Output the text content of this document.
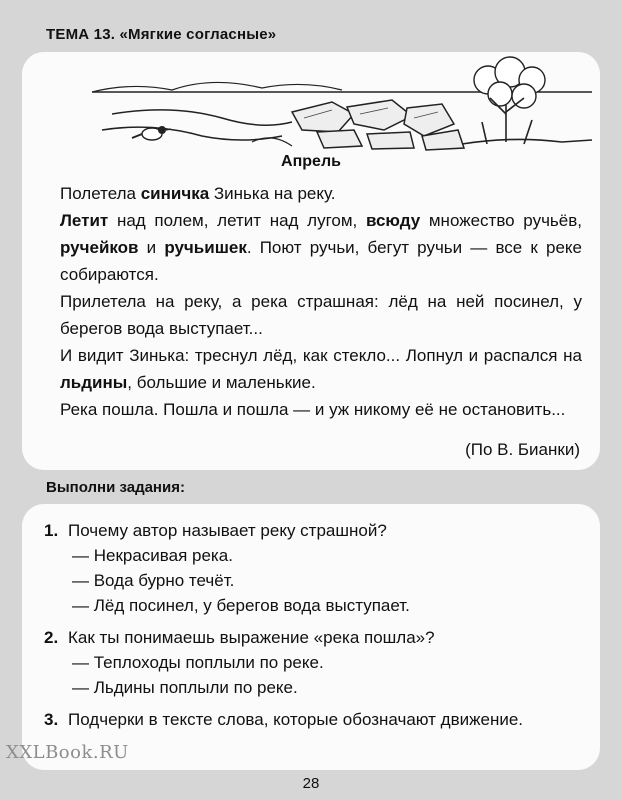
ТЕМА 13. «Мягкие согласные»
Апрель

Полетела синичка Зинька на реку.

Летит над полем, летит над лугом, всюду множество ручьёв, ручейков и ручьишек. Поют ручьи, бегут ручьи — все к реке собираются.

Прилетела на реку, а река страшная: лёд на ней посинел, у берегов вода выступает...

И видит Зинька: треснул лёд, как стекло... Лопнул и распался на льдины, большие и маленькие.

Река пошла. Пошла и пошла — и уж никому её не остановить...

(По В. Бианки)
Выполни задания:
1. Почему автор называет реку страшной?
— Некрасивая река.
— Вода бурно течёт.
— Лёд посинел, у берегов вода выступает.
2. Как ты понимаешь выражение «река пошла»?
— Теплоходы поплыли по реке.
— Льдины поплыли по реке.
3. Подчерки в тексте слова, которые обозначают движение.
XXLBook.RU
28
